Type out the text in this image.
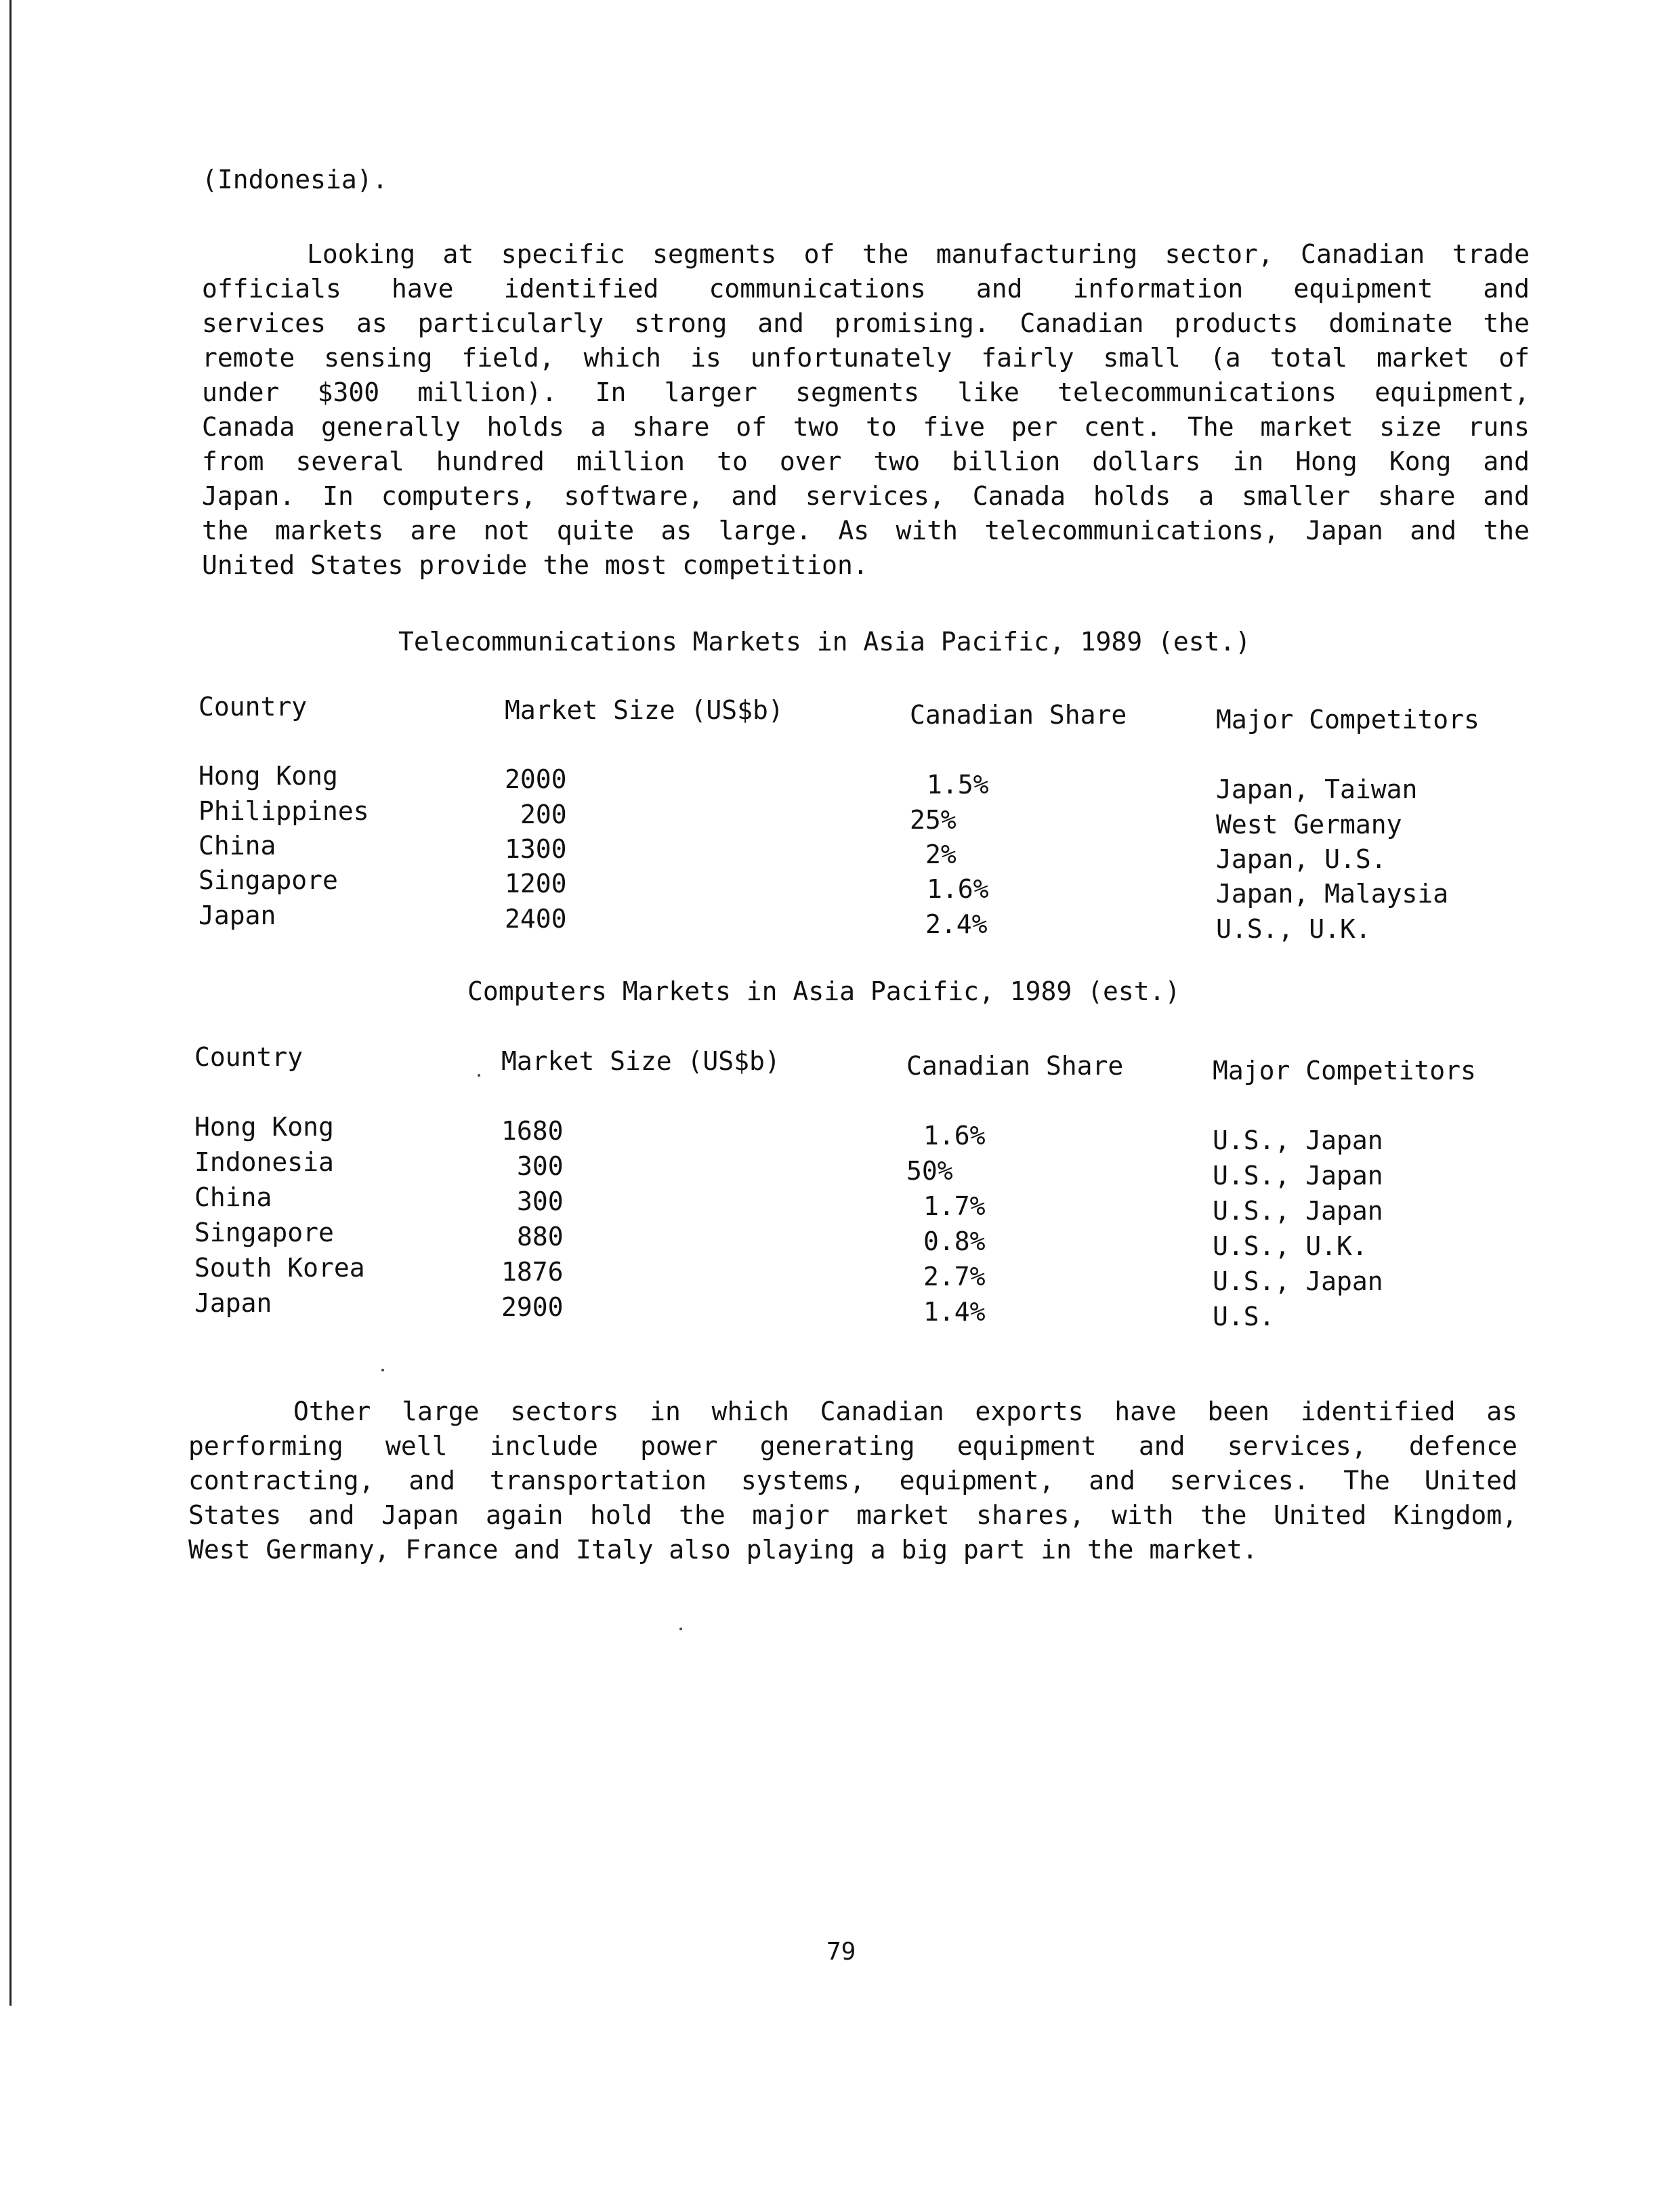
(Indonesia).
Looking at specific segments of the manufacturing sector, Canadian trade
officials have identified communications and information equipment and
services as particularly strong and promising. Canadian products dominate the
remote sensing field, which is unfortunately fairly small (a total market of
under $300 million). In larger segments like telecommunications equipment,
Canada generally holds a share of two to five per cent. The market size runs
from several hundred million to over two billion dollars in Hong Kong and
Japan. In computers, software, and services, Canada holds a smaller share and
the markets are not quite as large. As with telecommunications, Japan and the
United States provide the most competition.
Telecommunications Markets in Asia Pacific, 1989 (est.)
Country	Market Size (US$b)	Canadian Share	Major Competitors
Hong Kong	2000	1.5%	Japan, Taiwan
Philippines	200	25%	West Germany
China	1300	2%	Japan, U.S.
Singapore	1200	1.6%	Japan, Malaysia
Japan	2400	2.4%	U.S., U.K.
Computers Markets in Asia Pacific, 1989 (est.)
Country	Market Size (US$b)	Canadian Share	Major Competitors
Hong Kong	1680	1.6%	U.S., Japan
Indonesia	300	50%	U.S., Japan
China	300	1.7%	U.S., Japan
Singapore	880	0.8%	U.S., U.K.
South Korea	1876	2.7%	U.S., Japan
Japan	2900	1.4%	U.S.
Other large sectors in which Canadian exports have been identified as
performing well include power generating equipment and services, defence
contracting, and transportation systems, equipment, and services. The United
States and Japan again hold the major market shares, with the United Kingdom,
West Germany, France and Italy also playing a big part in the market.
79
